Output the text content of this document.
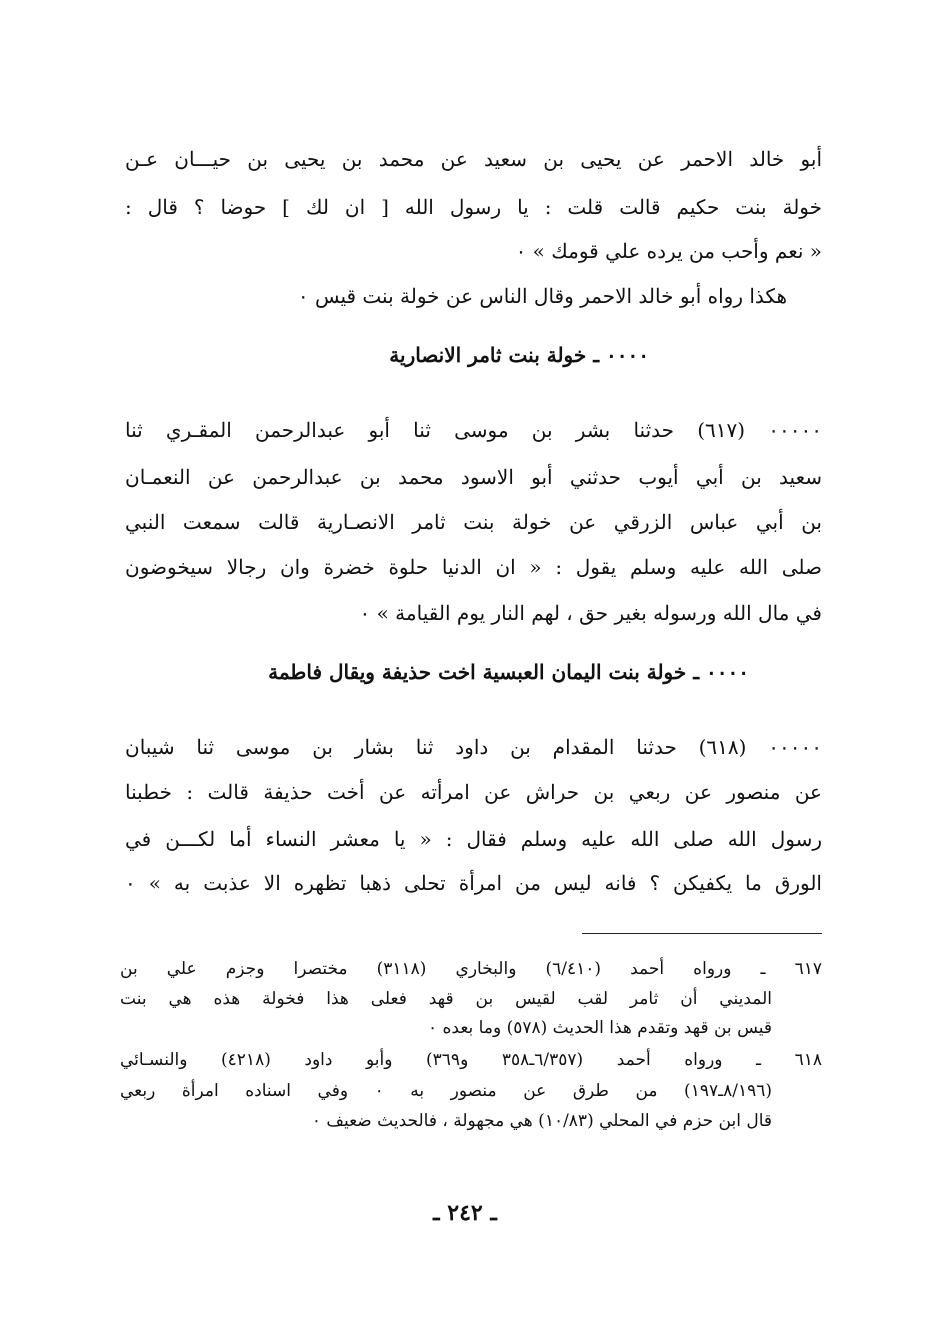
أبو خالد الاحمر عن يحيى بن سعيد عن محمد بن يحيى بن حيـــان عـن
خولة بنت حكيم قالت قلت : يا رسول الله [ ان لك ] حوضا ؟ قال :
« نعم وأحب من يرده علي قومك » ٠
هكذا رواه أبو خالد الاحمر وقال الناس عن خولة بنت قيس ٠
٠٠٠٠ ـ خولة بنت ثامر الانصارية
٠٠٠٠٠ (٦١٧) حدثنا بشر بن موسى ثنا أبو عبدالرحمن المقـري ثنا
سعيد بن أبي أيوب حدثني أبو الاسود محمد بن عبدالرحمن عن النعمـان
بن أبي عباس الزرقي عن خولة بنت ثامر الانصـارية قالت سمعت النبي
صلى الله عليه وسلم يقول : « ان الدنيا حلوة خضرة وان رجالا سيخوضون
في مال الله ورسوله بغير حق ، لهم النار يوم القيامة » ٠
٠٠٠٠ ـ خولة بنت اليمان العبسية اخت حذيفة ويقال فاطمة
٠٠٠٠٠ (٦١٨) حدثنا المقدام بن داود ثنا بشار بن موسى ثنا شيبان
عن منصور عن ربعي بن حراش عن امرأته عن أخت حذيفة قالت : خطبنا
رسول الله صلى الله عليه وسلم فقال : « يا معشر النساء أما لكـــن في
الورق ما يكفيكن ؟ فانه ليس من امرأة تحلى ذهبا تظهره الا عذبت به » ٠
٦١٧ ـ ورواه أحمد (٦/٤١٠) والبخاري (٣١١٨) مختصرا وجزم علي بن
المديني أن ثامر لقب لقيس بن قهد فعلى هذا فخولة هذه هي بنت
قيس بن قهد وتقدم هذا الحديث (٥٧٨) وما بعده ٠
٦١٨ ـ ورواه أحمد (٦/٣٥٧ـ٣٥٨ و٣٦٩) وأبو داود (٤٢١٨) والنسـائي
(٨/١٩٦ـ١٩٧) من طرق عن منصور به ٠ وفي اسناده امرأة ربعي
قال ابن حزم في المحلي (١٠/٨٣) هي مجهولة ، فالحديث ضعيف ٠
ـ ٢٤٢ ـ
